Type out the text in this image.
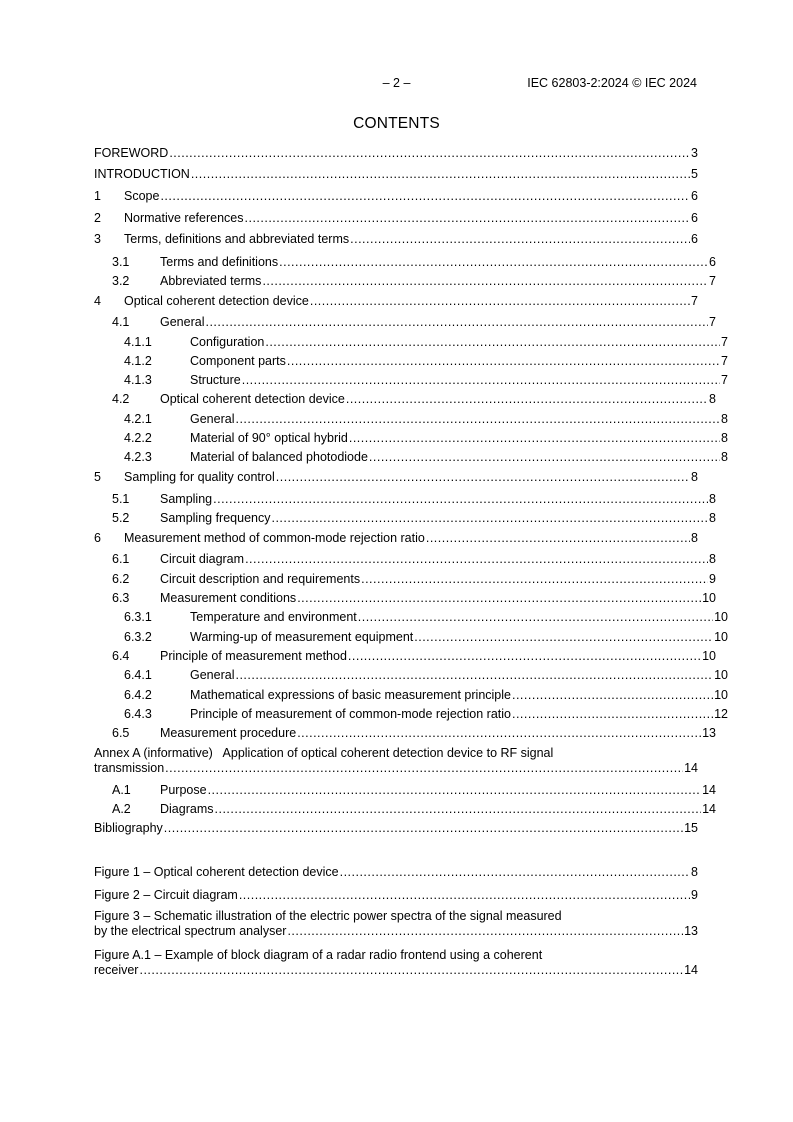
– 2 –	IEC 62803-2:2024 © IEC 2024
CONTENTS
FOREWORD .....	3
INTRODUCTION .....	5
1	Scope .....	6
2	Normative references .....	6
3	Terms, definitions and abbreviated terms .....	6
3.1	Terms and definitions .....	6
3.2	Abbreviated terms .....	7
4	Optical coherent detection device .....	7
4.1	General .....	7
4.1.1	Configuration .....	7
4.1.2	Component parts .....	7
4.1.3	Structure .....	7
4.2	Optical coherent detection device .....	8
4.2.1	General .....	8
4.2.2	Material of 90° optical hybrid .....	8
4.2.3	Material of balanced photodiode .....	8
5	Sampling for quality control .....	8
5.1	Sampling .....	8
5.2	Sampling frequency .....	8
6	Measurement method of common-mode rejection ratio .....	8
6.1	Circuit diagram .....	8
6.2	Circuit description and requirements .....	9
6.3	Measurement conditions .....	10
6.3.1	Temperature and environment .....	10
6.3.2	Warming-up of measurement equipment .....	10
6.4	Principle of measurement method .....	10
6.4.1	General .....	10
6.4.2	Mathematical expressions of basic measurement principle .....	10
6.4.3	Principle of measurement of common-mode rejection ratio .....	12
6.5	Measurement procedure .....	13
Annex A (informative)   Application of optical coherent detection device to RF signal
transmission .....	14
A.1	Purpose .....	14
A.2	Diagrams .....	14
Bibliography .....	15
Figure 1 – Optical coherent detection device .....	8
Figure 2 – Circuit diagram .....	9
Figure 3 – Schematic illustration of the electric power spectra of the signal measured
by the electrical spectrum analyser .....	13
Figure A.1 – Example of block diagram of a radar radio frontend using a coherent
receiver .....	14
